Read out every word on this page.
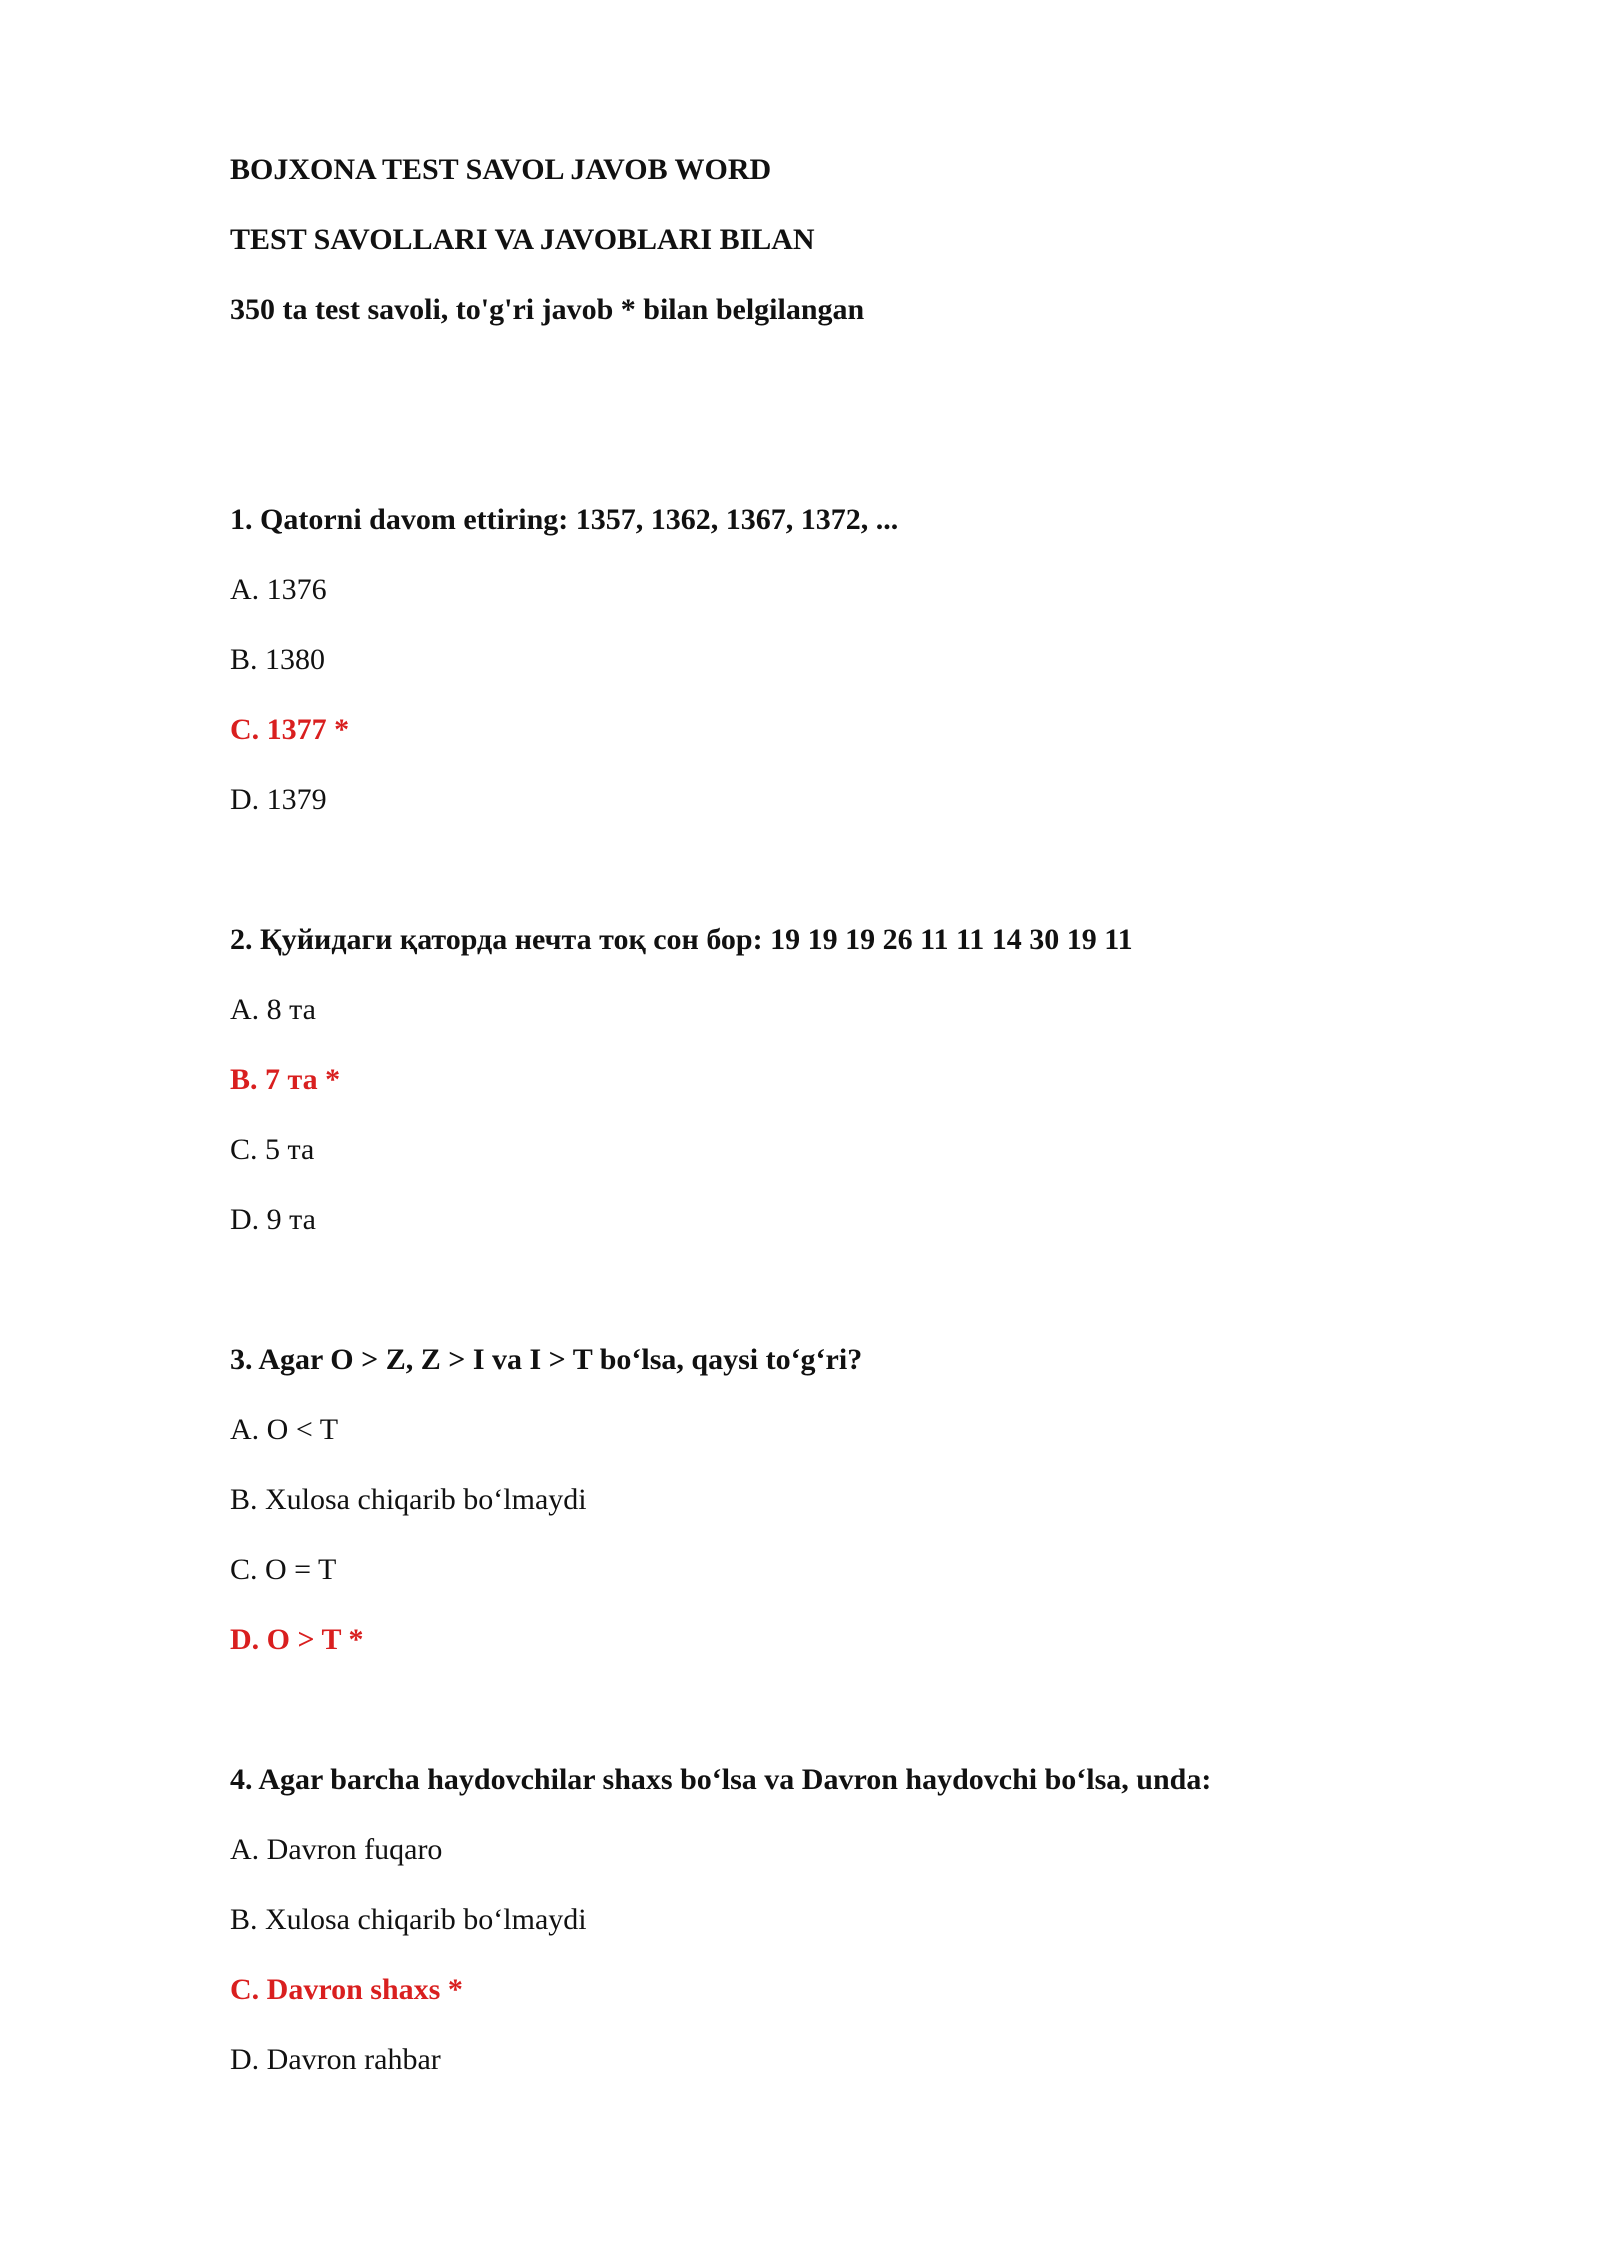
BOJXONA TEST SAVOL JAVOB WORD
TEST SAVOLLARI VA JAVOBLARI BILAN
350 ta test savoli, to'g'ri javob * bilan belgilangan
1. Qatorni davom ettiring: 1357, 1362, 1367, 1372, ...
A. 1376
B. 1380
C. 1377 *
D. 1379
2. Қуйидаги қаторда нечта тоқ сон бор: 19 19 19 26 11 11 14 30 19 11
A. 8 та
B. 7 та *
C. 5 та
D. 9 та
3. Agar O > Z, Z > I va I > T bo‘lsa, qaysi to‘g‘ri?
A. O < T
B. Xulosa chiqarib bo‘lmaydi
C. O = T
D. O > T *
4. Agar barcha haydovchilar shaxs bo‘lsa va Davron haydovchi bo‘lsa, unda:
A. Davron fuqaro
B. Xulosa chiqarib bo‘lmaydi
C. Davron shaxs *
D. Davron rahbar
